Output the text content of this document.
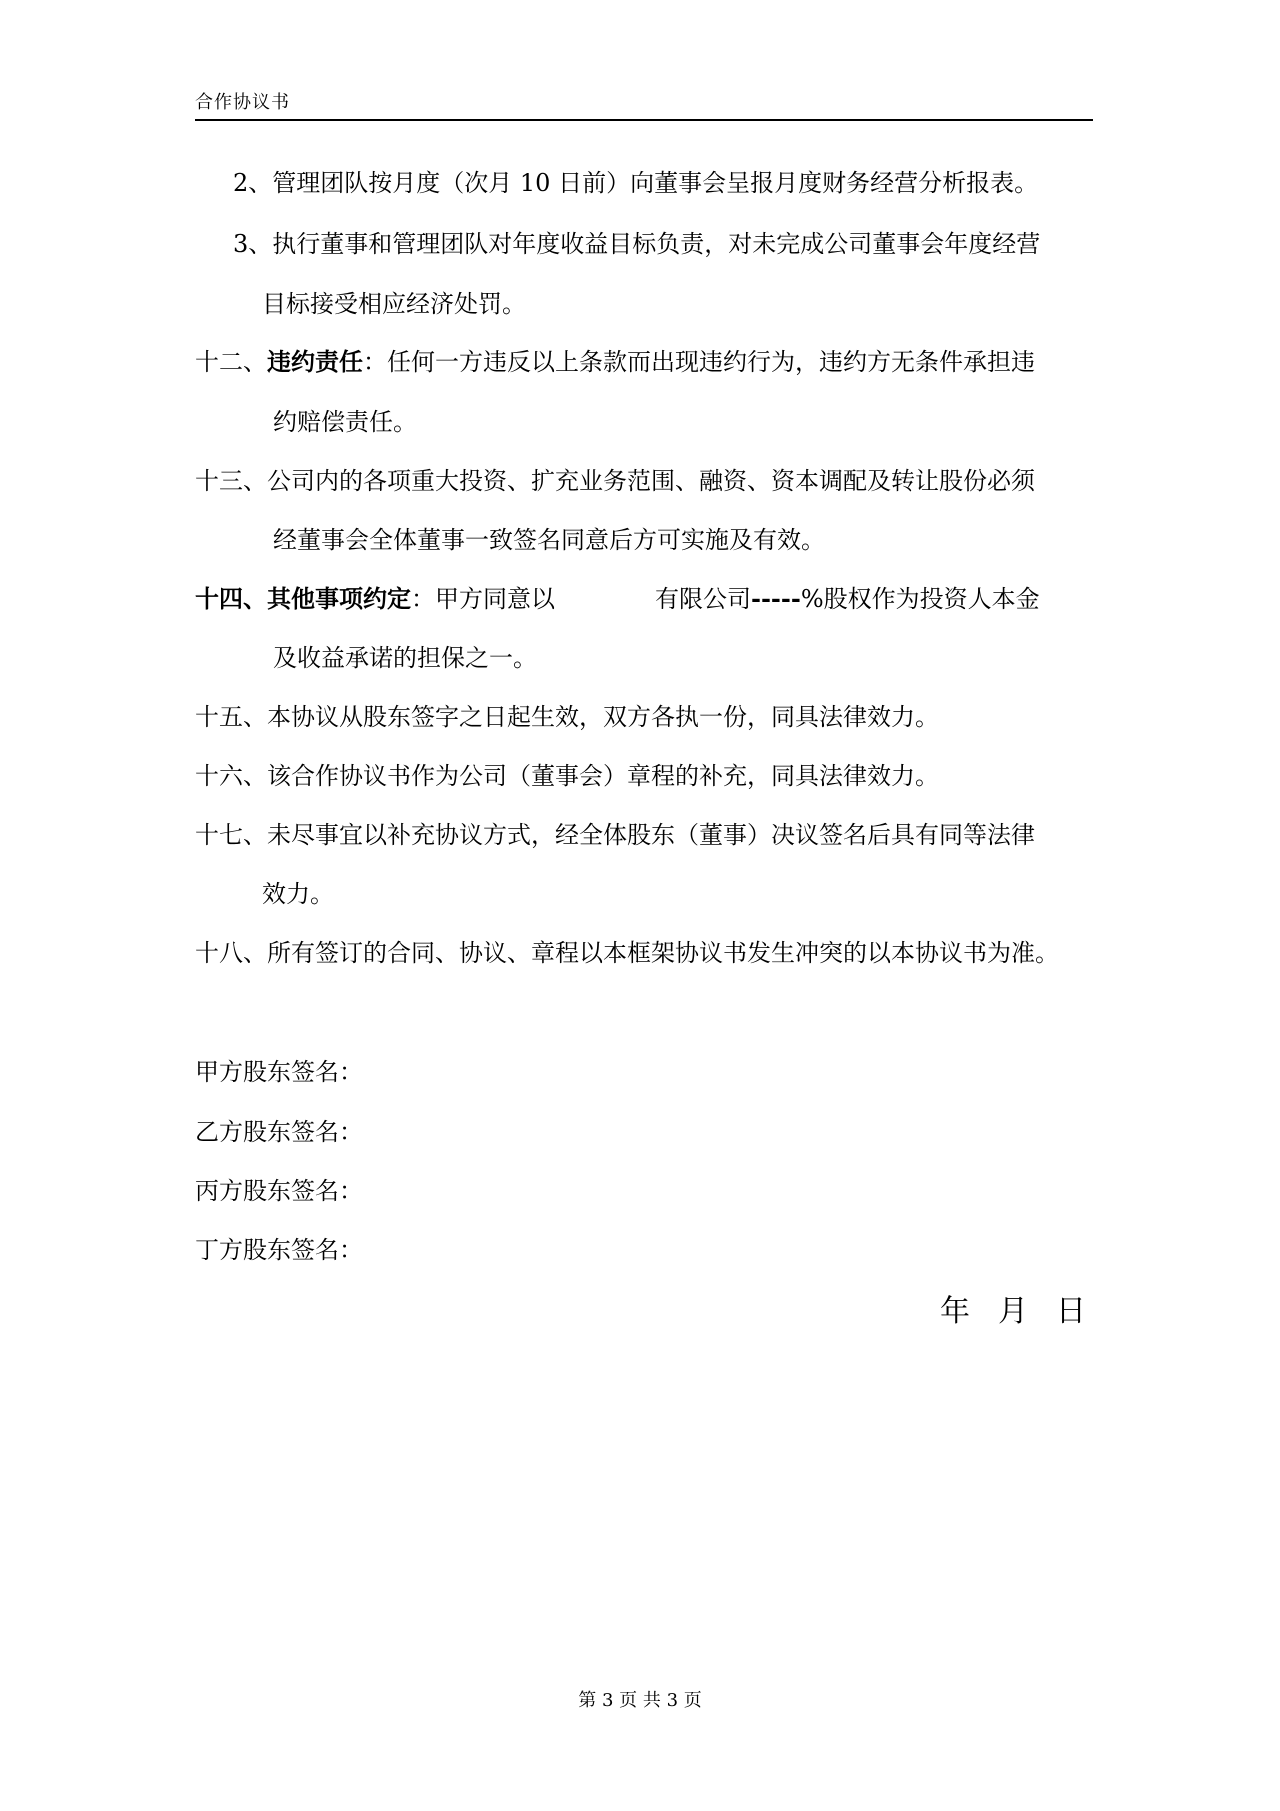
合作协议书
2、管理团队按月度（次月 10 日前）向董事会呈报月度财务经营分析报表。
3、执行董事和管理团队对年度收益目标负责，对未完成公司董事会年度经营
目标接受相应经济处罚。
十二、违约责任：任何一方违反以上条款而出现违约行为，违约方无条件承担违
约赔偿责任。
十三、公司内的各项重大投资、扩充业务范围、融资、资本调配及转让股份必须
经董事会全体董事一致签名同意后方可实施及有效。
十四、其他事项约定：甲方同意以	有限公司-----%股权作为投资人本金
及收益承诺的担保之一。
十五、本协议从股东签字之日起生效，双方各执一份，同具法律效力。
十六、该合作协议书作为公司（董事会）章程的补充，同具法律效力。
十七、未尽事宜以补充协议方式，经全体股东（董事）决议签名后具有同等法律
效力。
十八、所有签订的合同、协议、章程以本框架协议书发生冲突的以本协议书为准。
甲方股东签名：
乙方股东签名：
丙方股东签名：
丁方股东签名：
年 月 日
第 3 页 共 3 页
